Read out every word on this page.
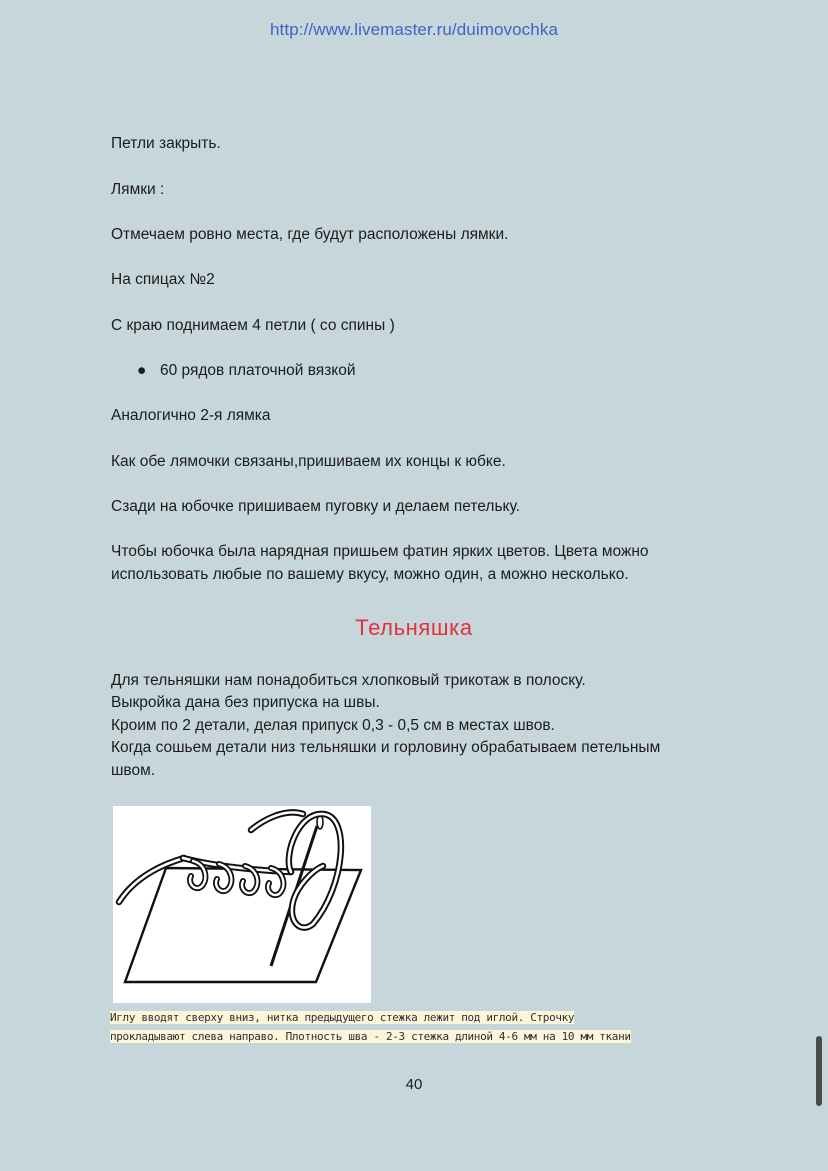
http://www.livemaster.ru/duimovochka
Петли закрыть.
Лямки :
Отмечаем ровно места, где будут расположены лямки.
На спицах №2
С краю поднимаем 4 петли ( со спины )
● 60 рядов платочной вязкой
Аналогично 2-я лямка
Как обе лямочки связаны,пришиваем их концы к юбке.
Сзади на юбочке пришиваем пуговку и делаем петельку.
Чтобы юбочка была нарядная пришьем фатин ярких цветов. Цвета можно
использовать любые по вашему вкусу, можно один, а можно несколько.
Тельняшка
Для тельняшки нам понадобиться хлопковый трикотаж в полоску.
Выкройка дана без припуска на швы.
Кроим по 2 детали, делая припуск 0,3 - 0,5 см в местах швов.
Когда сошьем детали низ тельняшки и горловину обрабатываем петельным
швом.
Иглу вводят сверху вниз, нитка предыдущего стежка лежит под иглой. Строчку
прокладывают слева направо. Плотность шва - 2-3 стежка длиной 4-6 мм на 10 мм ткани
40
